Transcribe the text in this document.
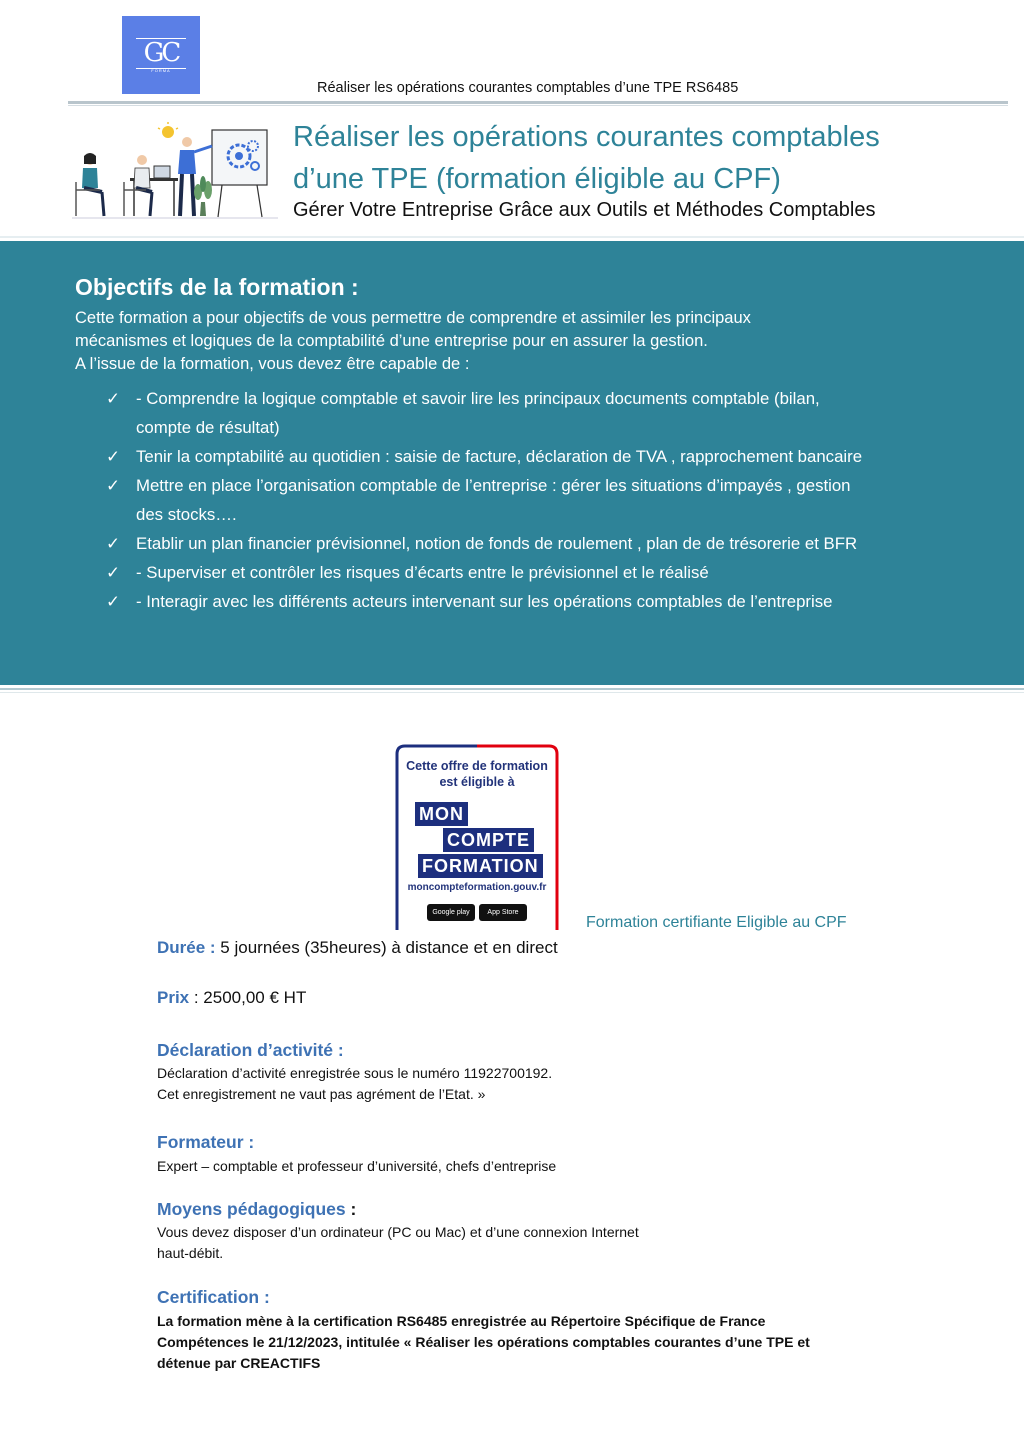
GC
FORMA
Réaliser les opérations courantes comptables d’une TPE RS6485
Réaliser les opérations courantes comptables
d’une TPE (formation éligible au CPF)
Gérer Votre Entreprise Grâce aux Outils et Méthodes Comptables
Objectifs de la formation :
Cette formation a pour objectifs de vous permettre de comprendre et assimiler les principaux
mécanismes et logiques de la comptabilité d’une entreprise pour en assurer la gestion.
A l’issue de la formation, vous devez être capable de :
✓ - Comprendre la logique comptable et savoir lire les principaux documents comptable (bilan,
compte de résultat)
✓ Tenir la comptabilité au quotidien : saisie de facture, déclaration de TVA , rapprochement bancaire
✓ Mettre en place l’organisation comptable de l’entreprise : gérer les situations d’impayés , gestion
des stocks….
✓ Etablir un plan financier prévisionnel, notion de fonds de roulement , plan de de trésorerie et BFR
✓ - Superviser et contrôler les risques d’écarts entre le prévisionnel et le réalisé
✓ - Interagir avec les différents acteurs intervenant sur les opérations comptables de l’entreprise
Cette offre de formation
est éligible à
MON
COMPTE
FORMATION
moncompteformation.gouv.fr
Google play	App Store
Formation certifiante Eligible au CPF
Durée : 5 journées (35heures) à distance et en direct
Prix : 2500,00 € HT
Déclaration d’activité :
Déclaration d’activité enregistrée sous le numéro 11922700192.
Cet enregistrement ne vaut pas agrément de l’Etat. »
Formateur :
Expert – comptable et professeur d’université, chefs d’entreprise
Moyens pédagogiques :
Vous devez disposer d’un ordinateur (PC ou Mac) et d’une connexion Internet
haut-débit.
Certification :
La formation mène à la certification RS6485 enregistrée au Répertoire Spécifique de France
Compétences le 21/12/2023, intitulée « Réaliser les opérations comptables courantes d’une TPE et
détenue par CREACTIFS
